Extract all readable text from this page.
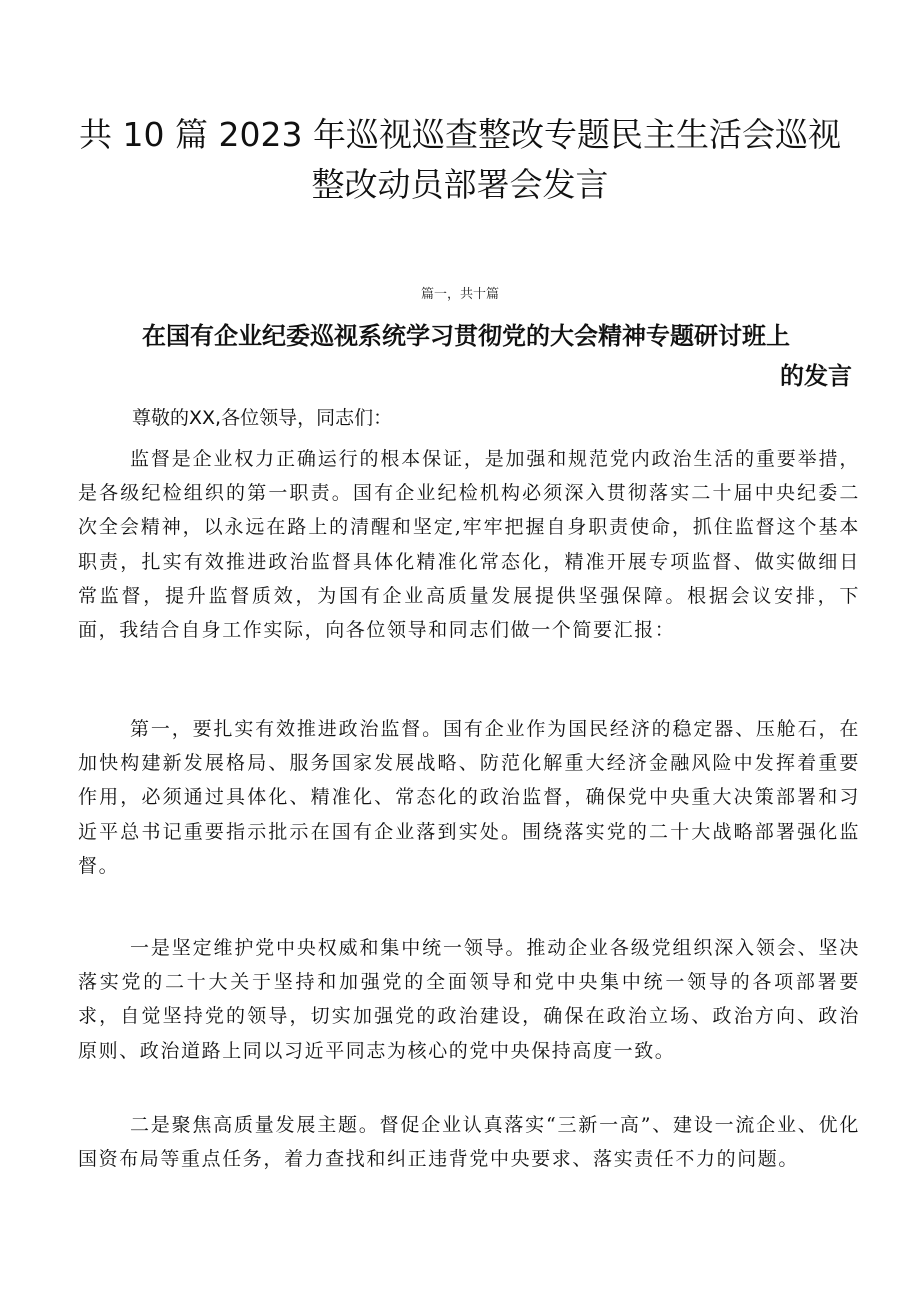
共 10 篇 2023 年巡视巡查整改专题民主生活会巡视整改动员部署会发言
篇一，共十篇
在国有企业纪委巡视系统学习贯彻党的大会精神专题研讨班上
的发言
尊敬的XX,各位领导，同志们：

监督是企业权力正确运行的根本保证，是加强和规范党内政治生活的重要举措，是各级纪检组织的第一职责。国有企业纪检机构必须深入贯彻落实二十届中央纪委二次全会精神，以永远在路上的清醒和坚定,牢牢把握自身职责使命，抓住监督这个基本职责，扎实有效推进政治监督具体化精准化常态化，精准开展专项监督、做实做细日常监督，提升监督质效，为国有企业高质量发展提供坚强保障。根据会议安排，下面，我结合自身工作实际，向各位领导和同志们做一个简要汇报：

第一，要扎实有效推进政治监督。国有企业作为国民经济的稳定器、压舱石，在加快构建新发展格局、服务国家发展战略、防范化解重大经济金融风险中发挥着重要作用，必须通过具体化、精准化、常态化的政治监督，确保党中央重大决策部署和习近平总书记重要指示批示在国有企业落到实处。围绕落实党的二十大战略部署强化监督。

一是坚定维护党中央权威和集中统一领导。推动企业各级党组织深入领会、坚决落实党的二十大关于坚持和加强党的全面领导和党中央集中统一领导的各项部署要求，自觉坚持党的领导，切实加强党的政治建设，确保在政治立场、政治方向、政治原则、政治道路上同以习近平同志为核心的党中央保持高度一致。

二是聚焦高质量发展主题。督促企业认真落实“三新一高”、建设一流企业、优化国资布局等重点任务，着力查找和纠正违背党中央要求、落实责任不力的问题。
